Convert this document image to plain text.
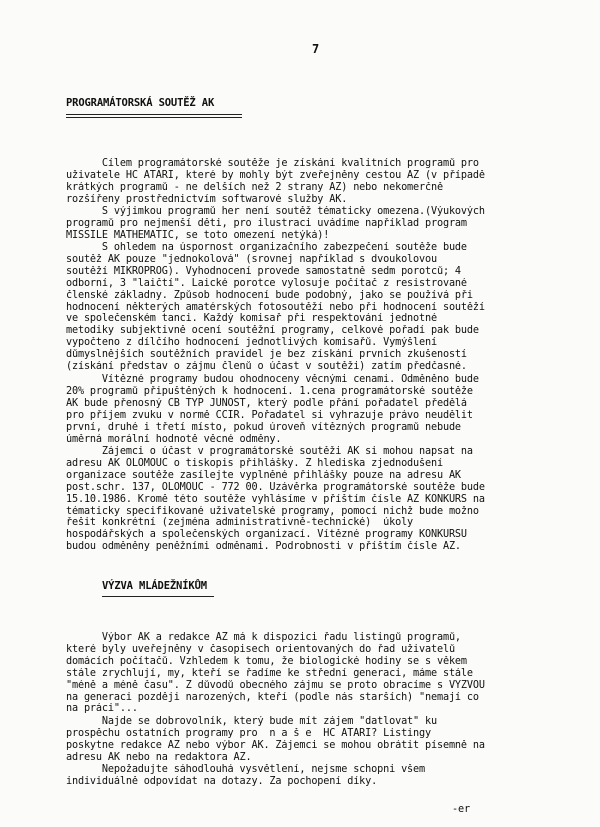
7
PROGRAMÁTORSKÁ SOUTĚŽ AK
Cílem programátorské soutěže je získání kvalitních programů pro
uživatele HC ATARI, které by mohly být zveřejněny cestou AZ (v případě
krátkých programů - ne delších než 2 strany AZ) nebo nekomerčně
rozšířeny prostřednictvím softwarové služby AK.
S výjimkou programů her není soutěž tématicky omezena.(Výukových
programů pro nejmenší děti, pro ilustraci uvádíme například program
MISSILE MATHEMATIC, se toto omezení netýká)!
S ohledem na úspornost organizačního zabezpečení soutěže bude
soutěž AK pouze "jednokolová" (srovnej například s dvoukolovou
soutěží MIKROPROG). Vyhodnocení provede samostatně sedm porotců; 4
odborní, 3 "laičtí". Laické porotce vylosuje počítač z resistrované
členské základny. Způsob hodnocení bude podobný, jako se používá při
hodnocení některých amatérských fotosoutěží nebo při hodnocení soutěží
ve společenském tanci. Každý komisař při respektování jednotné
metodiky subjektivně ocení soutěžní programy, celkové pořadí pak bude
vypočteno z dílčího hodnocení jednotlivých komisařů. Vymýšlení
důmyslnějších soutěžních pravidel je bez získání prvních zkušeností
(získání představ o zájmu členů o účast v soutěži) zatím předčasné.
Vítězné programy budou ohodnoceny věcnými cenami. Odměněno bude
20% programů připuštěných k hodnocení. 1.cena programátorské soutěže
AK bude přenosný ČB TYP JUNOST, který podle přání pořadatel předělá
pro příjem zvuku v normě CCIR. Pořadatel si vyhrazuje právo neudělit
první, druhé i třetí místo, pokud úroveň vítězných programů nebude
úměrná morální hodnotě věcné odměny.
Zájemci o účast v programátorské soutěži AK si mohou napsat na
adresu AK OLOMOUC o tiskopis přihlášky. Z hlediska zjednodušení
organizace soutěže zasílejte vyplněné přihlášky pouze na adresu AK
post.schr. 137, OLOMOUC - 772 00. Uzávěrka programátorské soutěže bude
15.10.1986. Kromě této soutěže vyhlásíme v příštím čísle AZ KONKURS na
tématicky specifikované uživatelské programy, pomocí nichž bude možno
řešit konkrétní (zejména administrativně-technické)  úkoly
hospodářských a společenských organizací. Vítězné programy KONKURSU
budou odměněny peněžními odměnami. Podrobnosti v příštím čísle AZ.
VÝZVA MLÁDEŽNÍKŮM
Výbor AK a redakce AZ má k dispozici řadu listingů programů,
které byly uveřejněny v časopisech orientovaných do řad uživatelů
domácích počítačů. Vzhledem k tomu, že biologické hodiny se s věkem
stále zrychlují, my, kteří se řadíme ke střední generaci, máme stále
"méně a méně času". Z důvodů obecného zájmu se proto obracíme s VÝZVOU
na generaci později narozených, kteří (podle nás starších) "nemají co
na práci"...
Najde se dobrovolník, který bude mít zájem "datlovat" ku
prospěchu ostatních programy pro  n a š e  HC ATARI? Listingy
poskytne redakce AZ nebo výbor AK. Zájemci se mohou obrátit písemně na
adresu AK nebo na redaktora AZ.
Nepožadujte sáhodlouhá vysvětlení, nejsme schopni všem
individuálně odpovídat na dotazy. Za pochopení díky.
-er
